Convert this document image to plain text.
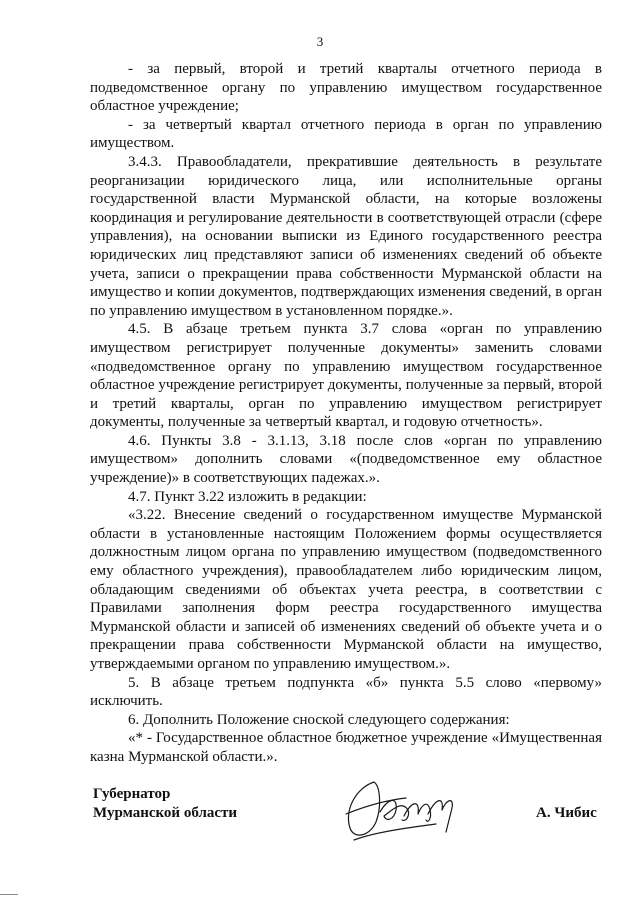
3

- за первый, второй и третий кварталы отчетного периода в подведомственное органу по управлению имуществом государственное областное учреждение;

- за четвертый квартал отчетного периода в орган по управлению имуществом.

3.4.3. Правообладатели, прекратившие деятельность в результате реорганизации юридического лица, или исполнительные органы государственной власти Мурманской области, на которые возложены координация и регулирование деятельности в соответствующей отрасли (сфере управления), на основании выписки из Единого государственного реестра юридических лиц представляют записи об изменениях сведений об объекте учета, записи о прекращении права собственности Мурманской области на имущество и копии документов, подтверждающих изменения сведений, в орган по управлению имуществом в установленном порядке.».

4.5. В абзаце третьем пункта 3.7 слова «орган по управлению имуществом регистрирует полученные документы» заменить словами «подведомственное органу по управлению имуществом государственное областное учреждение регистрирует документы, полученные за первый, второй и третий кварталы, орган по управлению имуществом регистрирует документы, полученные за четвертый квартал, и годовую отчетность».

4.6. Пункты 3.8 - 3.1.13, 3.18 после слов «орган по управлению имуществом» дополнить словами «(подведомственное ему областное учреждение)» в соответствующих падежах.».

4.7. Пункт 3.22 изложить в редакции:

«3.22. Внесение сведений о государственном имуществе Мурманской области в установленные настоящим Положением формы осуществляется должностным лицом органа по управлению имуществом (подведомственного ему областного учреждения), правообладателем либо юридическим лицом, обладающим сведениями об объектах учета реестра, в соответствии с Правилами заполнения форм реестра государственного имущества Мурманской области и записей об изменениях сведений об объекте учета и о прекращении права собственности Мурманской области на имущество, утверждаемыми органом по управлению имуществом.».

5. В абзаце третьем подпункта «б» пункта 5.5 слово «первому» исключить.

6. Дополнить Положение сноской следующего содержания:

«* - Государственное областное бюджетное учреждение «Имущественная казна Мурманской области.».

Губернатор
Мурманской области	А. Чибис
